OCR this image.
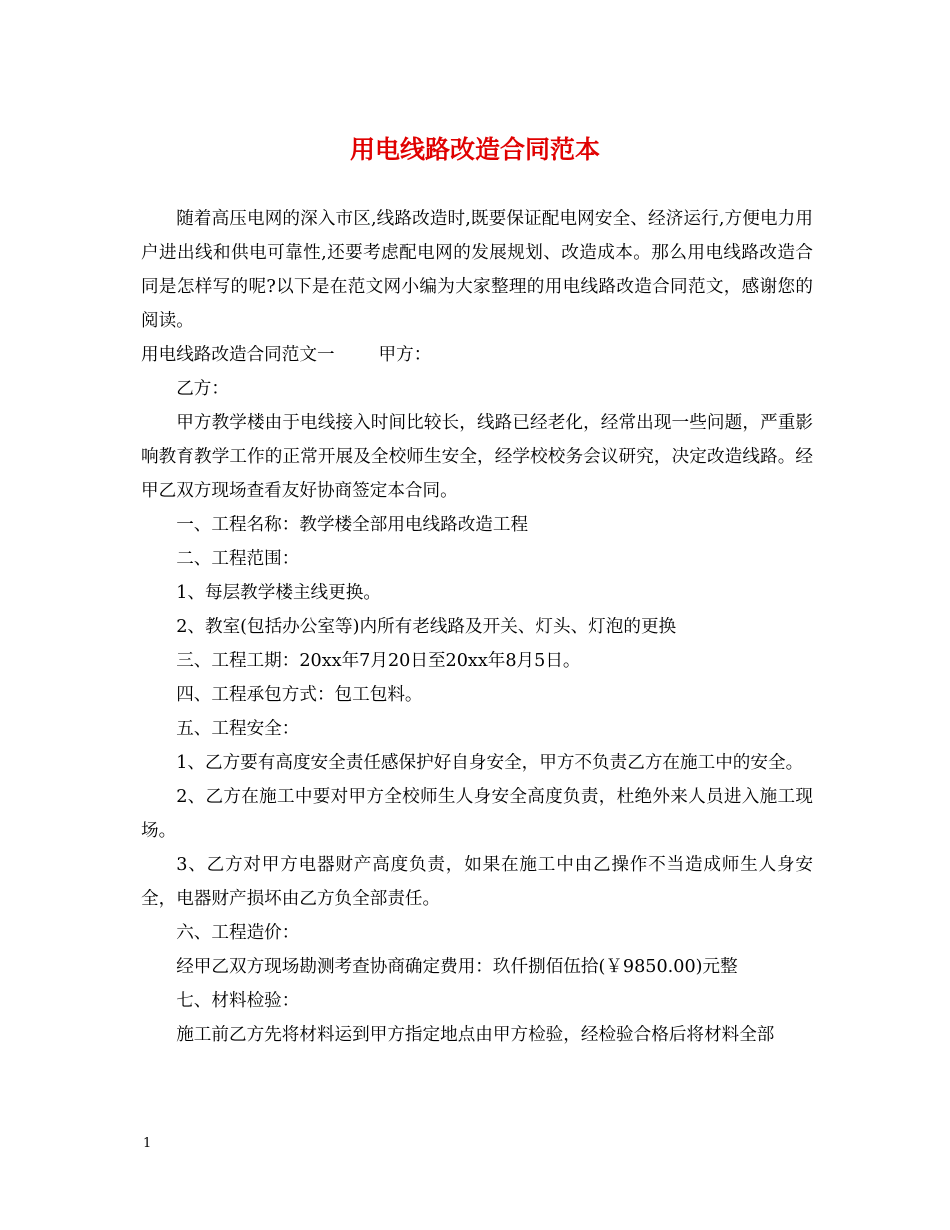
用电线路改造合同范本

随着高压电网的深入市区,线路改造时,既要保证配电网安全、经济运行,方便电力用户进出线和供电可靠性,还要考虑配电网的发展规划、改造成本。那么用电线路改造合同是怎样写的呢?以下是在范文网小编为大家整理的用电线路改造合同范文，感谢您的阅读。

用电线路改造合同范文一	甲方：

乙方：

甲方教学楼由于电线接入时间比较长，线路已经老化，经常出现一些问题，严重影响教育教学工作的正常开展及全校师生安全，经学校校务会议研究，决定改造线路。经甲乙双方现场查看友好协商签定本合同。

一、工程名称：教学楼全部用电线路改造工程

二、工程范围：

1、每层教学楼主线更换。

2、教室(包括办公室等)内所有老线路及开关、灯头、灯泡的更换

三、工程工期：20xx年7月20日至20xx年8月5日。

四、工程承包方式：包工包料。

五、工程安全：

1、乙方要有高度安全责任感保护好自身安全，甲方不负责乙方在施工中的安全。

2、乙方在施工中要对甲方全校师生人身安全高度负责，杜绝外来人员进入施工现场。

3、乙方对甲方电器财产高度负责，如果在施工中由乙操作不当造成师生人身安全，电器财产损坏由乙方负全部责任。

六、工程造价：

经甲乙双方现场勘测考查协商确定费用：玖仟捌佰伍拾(￥9850.00)元整

七、材料检验：

施工前乙方先将材料运到甲方指定地点由甲方检验，经检验合格后将材料全部

1
